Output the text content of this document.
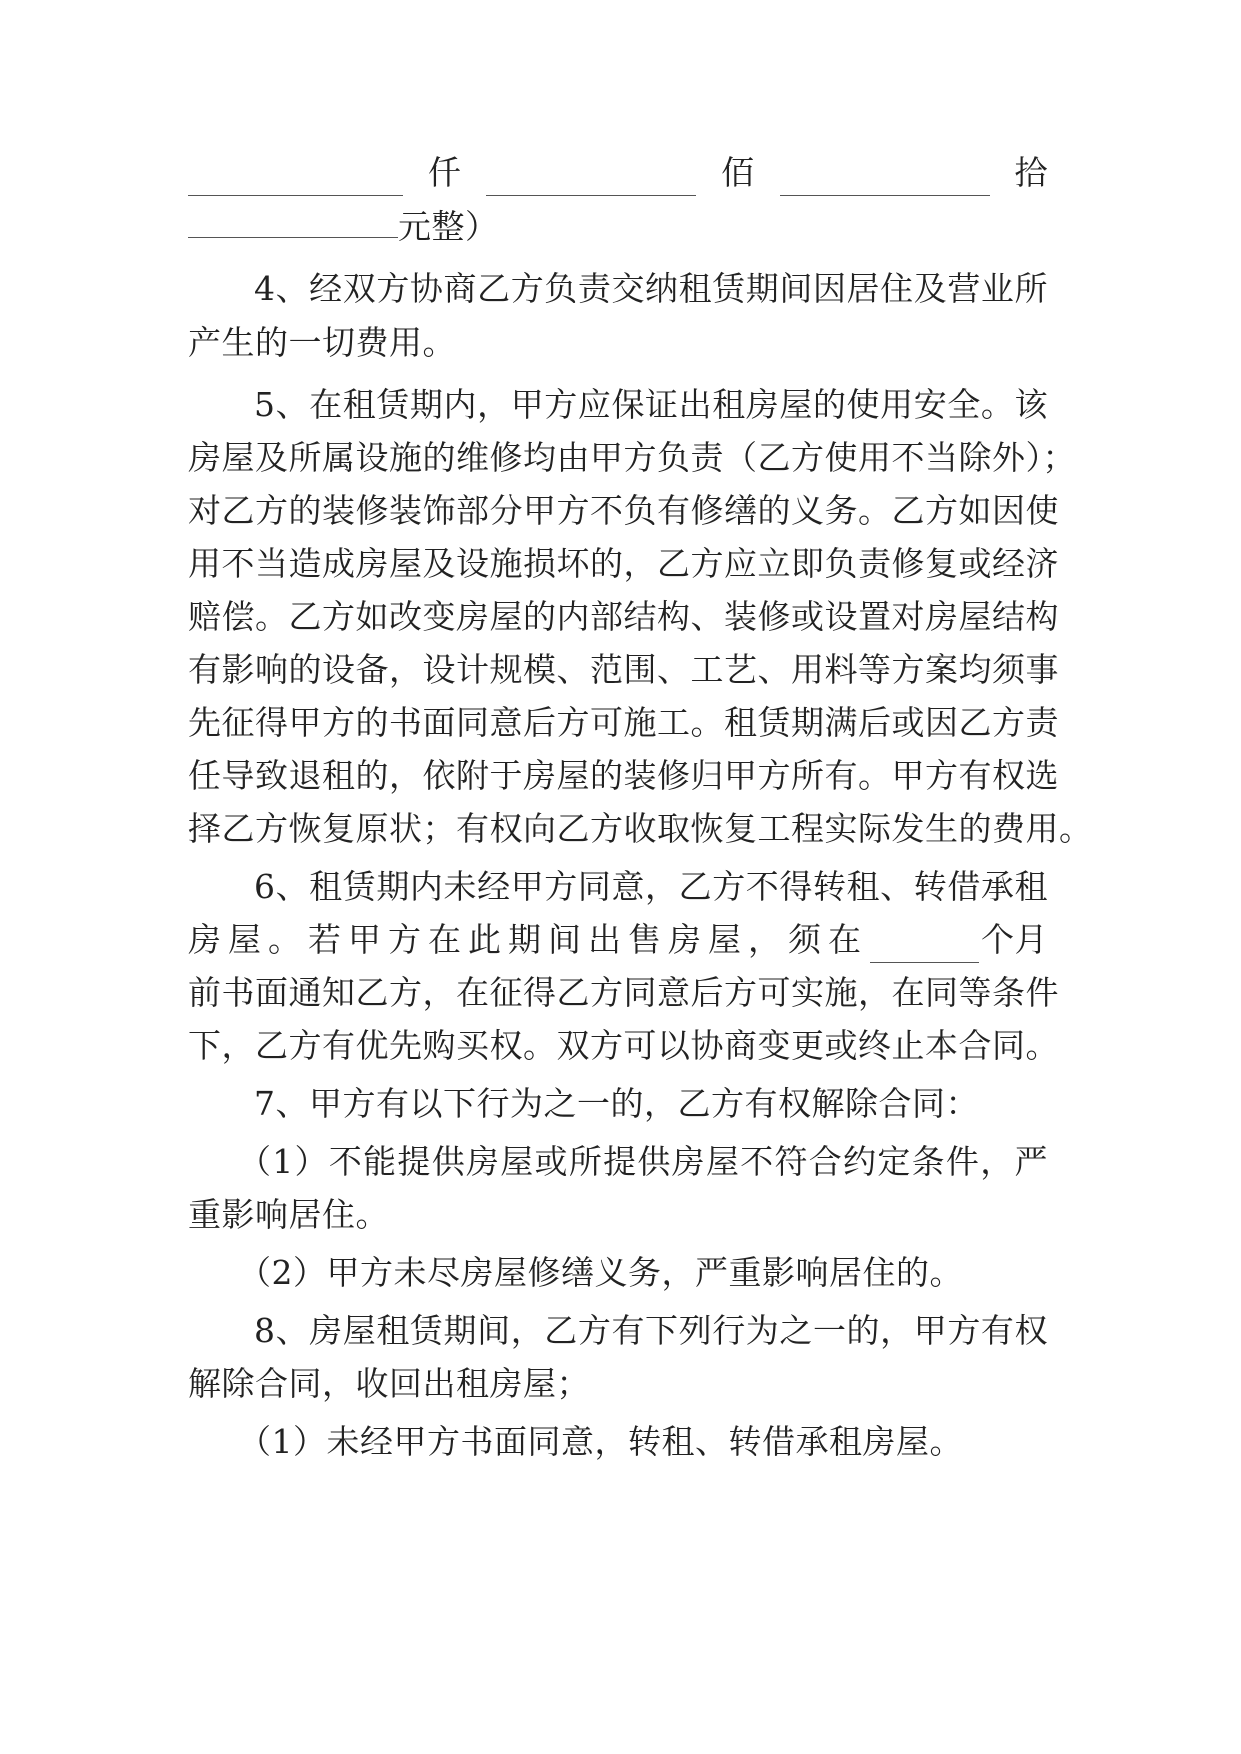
仟	佰	拾
元整）
4、经双方协商乙方负责交纳租赁期间因居住及营业所
产生的一切费用。
5、在租赁期内，甲方应保证出租房屋的使用安全。该
房屋及所属设施的维修均由甲方负责（乙方使用不当除外）；
对乙方的装修装饰部分甲方不负有修缮的义务。乙方如因使
用不当造成房屋及设施损坏的，乙方应立即负责修复或经济
赔偿。乙方如改变房屋的内部结构、装修或设置对房屋结构
有影响的设备，设计规模、范围、工艺、用料等方案均须事
先征得甲方的书面同意后方可施工。租赁期满后或因乙方责
任导致退租的，依附于房屋的装修归甲方所有。甲方有权选
择乙方恢复原状；有权向乙方收取恢复工程实际发生的费用。
6、租赁期内未经甲方同意，乙方不得转租、转借承租
房屋。若甲方在此期间出售房屋，须在	个月
前书面通知乙方，在征得乙方同意后方可实施，在同等条件
下，乙方有优先购买权。双方可以协商变更或终止本合同。
7、甲方有以下行为之一的，乙方有权解除合同：
（1）不能提供房屋或所提供房屋不符合约定条件，严
重影响居住。
（2）甲方未尽房屋修缮义务，严重影响居住的。
8、房屋租赁期间，乙方有下列行为之一的，甲方有权
解除合同，收回出租房屋；
（1）未经甲方书面同意，转租、转借承租房屋。
